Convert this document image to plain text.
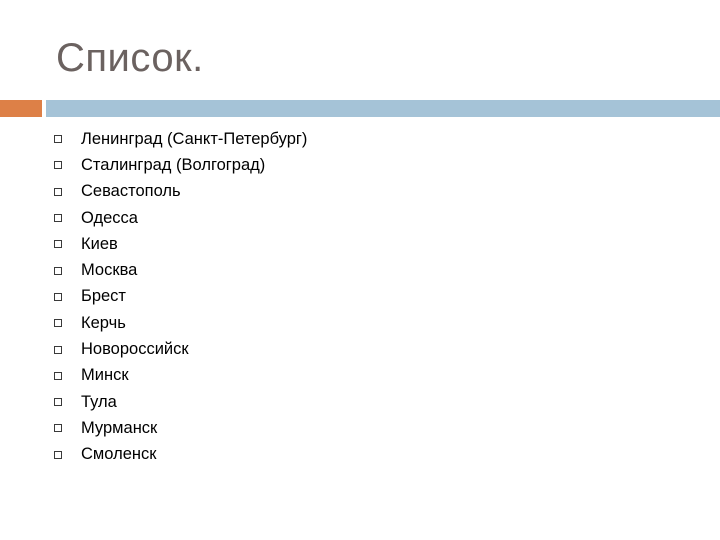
Список.
Ленинград (Санкт-Петербург)
Сталинград (Волгоград)
Севастополь
Одесса
Киев
Москва
Брест
Керчь
Новороссийск
Минск
Тула
Мурманск
Смоленск
